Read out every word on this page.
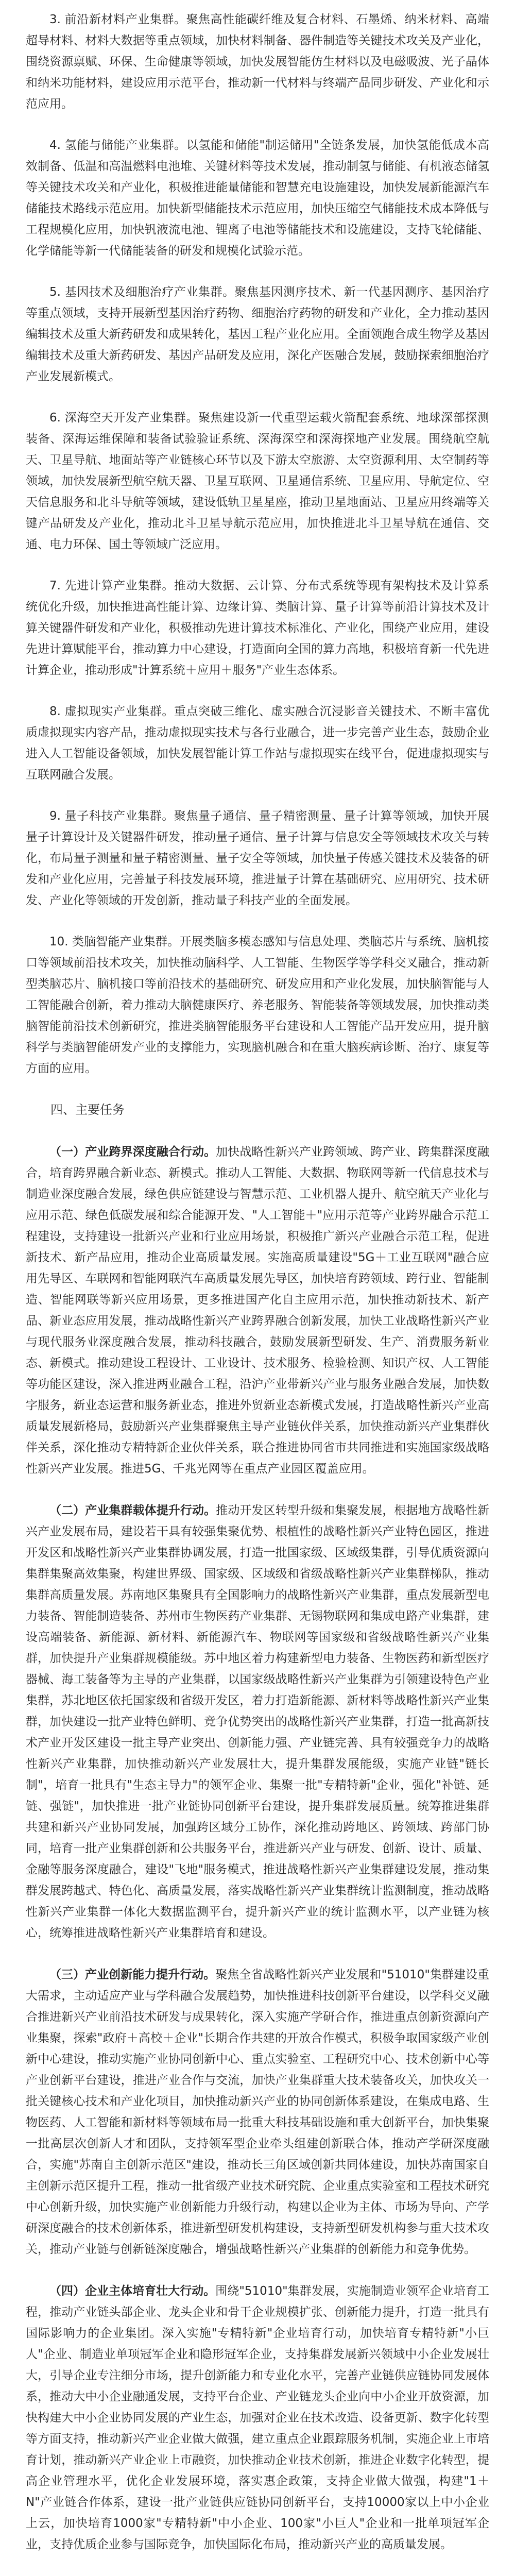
3. 前沿新材料产业集群。聚焦高性能碳纤维及复合材料、石墨烯、纳米材料、高端超导材料、材料大数据等重点领域，加快材料制备、器件制造等关键技术攻关及产业化，围绕资源禀赋、环保、生命健康等领域，加快发展智能仿生材料以及电磁吸波、光子晶体和纳米功能材料，建设应用示范平台，推动新一代材料与终端产品同步研发、产业化和示范应用。

4. 氢能与储能产业集群。以氢能和储能"制运储用"全链条发展，加快氢能低成本高效制备、低温和高温燃料电池堆、关键材料等技术发展，推动制氢与储能、有机液态储氢等关键技术攻关和产业化，积极推进能量储能和智慧充电设施建设，加快发展新能源汽车储能技术路线示范应用。加快新型储能技术示范应用，加快压缩空气储能技术成本降低与工程规模化应用，加快钒液流电池、锂离子电池等储能技术和设施建设，支持飞轮储能、化学储能等新一代储能装备的研发和规模化试验示范。

5. 基因技术及细胞治疗产业集群。聚焦基因测序技术、新一代基因测序、基因治疗等重点领域，支持开展新型基因治疗药物、细胞治疗药物的研发和产业化，全力推动基因编辑技术及重大新药研发和成果转化，基因工程产业化应用。全面领跑合成生物学及基因编辑技术及重大新药研发、基因产品研发及应用，深化产医融合发展，鼓励探索细胞治疗产业发展新模式。

6. 深海空天开发产业集群。聚焦建设新一代重型运载火箭配套系统、地球深部探测装备、深海运维保障和装备试验验证系统、深海深空和深海探地产业发展。围绕航空航天、卫星导航、地面站等产业链核心环节以及下游太空旅游、太空资源利用、太空制药等领域，加快发展新型航空航天器、卫星互联网、卫星通信系统、卫星应用、导航定位、空天信息服务和北斗导航等领域，建设低轨卫星星座，推动卫星地面站、卫星应用终端等关键产品研发及产业化，推动北斗卫星导航示范应用，加快推进北斗卫星导航在通信、交通、电力环保、国土等领域广泛应用。

7. 先进计算产业集群。推动大数据、云计算、分布式系统等现有架构技术及计算系统优化升级，加快推进高性能计算、边缘计算、类脑计算、量子计算等前沿计算技术及计算关键器件研发和产业化，积极推动先进计算技术标准化、产业化，围绕产业应用，建设先进计算赋能平台，推动算力中心建设，打造面向全国的算力高地，积极培育新一代先进计算企业，推动形成"计算系统＋应用＋服务"产业生态体系。

8. 虚拟现实产业集群。重点突破三维化、虚实融合沉浸影音关键技术、不断丰富优质虚拟现实内容产品，推动虚拟现实技术与各行业融合，进一步完善产业生态，鼓励企业进入人工智能设备领域，加快发展智能计算工作站与虚拟现实在线平台，促进虚拟现实与互联网融合发展。

9. 量子科技产业集群。聚焦量子通信、量子精密测量、量子计算等领域，加快开展量子计算设计及关键器件研发，推动量子通信、量子计算与信息安全等领域技术攻关与转化，布局量子测量和量子精密测量、量子安全等领域，加快量子传感关键技术及装备的研发和产业化应用，完善量子科技发展环境，推进量子计算在基础研究、应用研究、技术研发、产业化等领域的开发创新，推动量子科技产业的全面发展。

10. 类脑智能产业集群。开展类脑多模态感知与信息处理、类脑芯片与系统、脑机接口等领域前沿技术攻关，加快推动脑科学、人工智能、生物医学等学科交叉融合，推动新型类脑芯片、脑机接口等前沿技术的基础研究、研发应用和产业化发展，加快脑智能与人工智能融合创新，着力推动大脑健康医疗、养老服务、智能装备等领域发展，加快推动类脑智能前沿技术创新研究，推进类脑智能服务平台建设和人工智能产品开发应用，提升脑科学与类脑智能研发产业的支撑能力，实现脑机融合和在重大脑疾病诊断、治疗、康复等方面的应用。

四、主要任务

（一）产业跨界深度融合行动。加快战略性新兴产业跨领域、跨产业、跨集群深度融合，培育跨界融合新业态、新模式。推动人工智能、大数据、物联网等新一代信息技术与制造业深度融合发展，绿色供应链建设与智慧示范、工业机器人提升、航空航天产业化与应用示范、绿色低碳发展和综合能源开发、"人工智能＋"应用示范等产业跨界融合示范工程建设，支持建设一批新兴产业和行业应用场景，积极推广新兴产业融合示范工程，促进新技术、新产品应用，推动企业高质量发展。实施高质量建设"5G＋工业互联网"融合应用先导区、车联网和智能网联汽车高质量发展先导区，加快培育跨领域、跨行业、智能制造、智能网联等新兴应用场景，更多推进国产化自主应用示范，加快推动新技术、新产品、新业态应用发展，推动战略性新兴产业跨界融合创新发展，加快工业战略性新兴产业与现代服务业深度融合发展，推动科技融合，鼓励发展新型研发、生产、消费服务新业态、新模式。推动建设工程设计、工业设计、技术服务、检验检测、知识产权、人工智能等功能区建设，深入推进两业融合工程，沿沪产业带新兴产业与服务业融合发展，加快数字服务，新业态运营和服务新业态，推进外贸新业态新模式发展，打造战略性新兴产业高质量发展新格局，鼓励新兴产业集群聚焦主导产业链伙伴关系，加快推动新兴产业集群伙伴关系，深化推动专精特新企业伙伴关系，联合推进协同省市共同推进和实施国家级战略性新兴产业发展。推进5G、千兆光网等在重点产业园区覆盖应用。

（二）产业集群载体提升行动。推动开发区转型升级和集聚发展，根据地方战略性新兴产业发展布局，建设若干具有较强集聚优势、根植性的战略性新兴产业特色园区，推进开发区和战略性新兴产业集群协调发展，打造一批国家级、区域级集群，引导优质资源向集群集聚高效集聚，构建世界级、国家级、区域级和省级战略性新兴产业集群梯队，推动集群高质量发展。苏南地区集聚具有全国影响力的战略性新兴产业集群，重点发展新型电力装备、智能制造装备、苏州市生物医药产业集群、无锡物联网和集成电路产业集群，建设高端装备、新能源、新材料、新能源汽车、物联网等国家级和省级战略性新兴产业集群，加快提升产业集群规模能级。苏中地区着力构建新型电力装备、生物医药和新型医疗器械、海工装备等为主导的产业集群，以国家级战略性新兴产业集群为引领建设特色产业集群，苏北地区依托国家级和省级开发区，着力打造新能源、新材料等战略性新兴产业集群，加快建设一批产业特色鲜明、竞争优势突出的战略性新兴产业集群，打造一批高新技术产业开发区建设一批主导产业突出、创新能力强、产业链完善、具有较强竞争力的战略性新兴产业集群，加快推动新兴产业发展壮大，提升集群发展能级，实施产业链"链长制"，培育一批具有"生态主导力"的领军企业、集聚一批"专精特新"企业，强化"补链、延链、强链"，加快推进一批产业链协同创新平台建设，提升集群发展质量。统筹推进集群共建和新兴产业协同发展，加强跨区域分工协作，深化推动跨地区、跨领域、跨部门协同，培育一批产业集群创新和公共服务平台，推进新兴产业与研发、创新、设计、质量、金融等服务深度融合，建设"飞地"服务模式，推进战略性新兴产业集群建设发展，推动集群发展跨越式、特色化、高质量发展，落实战略性新兴产业集群统计监测制度，推动战略性新兴产业集群一体化大数据监测平台，提升新兴产业的统计监测水平，以产业链为核心，统筹推进战略性新兴产业集群培育和建设。

（三）产业创新能力提升行动。聚焦全省战略性新兴产业发展和"51010"集群建设重大需求，主动适应产业与学科融合发展趋势，加快推进科技创新平台建设，以学科交叉融合推进新兴产业前沿技术研发与成果转化，深入实施产学研合作，推进重点创新资源向产业集聚，探索"政府＋高校＋企业"长期合作共建的开放合作模式，积极争取国家级产业创新中心建设，推动实施产业协同创新中心、重点实验室、工程研究中心、技术创新中心等产业创新平台建设，推进产业合作与交流，加快产业集群重大技术装备攻关，加快攻关一批关键核心技术和产业化项目，加快推动新兴产业的协同创新体系建设，在集成电路、生物医药、人工智能和新材料等领域布局一批重大科技基础设施和重大创新平台，加快集聚一批高层次创新人才和团队，支持领军型企业牵头组建创新联合体，推动产学研深度融合，实施"苏南自主创新示范区"建设，推动长三角区域创新共同体建设，加快苏南国家自主创新示范区提升工程，推动一批省级产业技术研究院、企业重点实验室和工程技术研究中心创新升级，加快实施产业创新能力升级行动，构建以企业为主体、市场为导向、产学研深度融合的技术创新体系，推进新型研发机构建设，支持新型研发机构参与重大技术攻关，推动产业链与创新链深度融合，增强战略性新兴产业集群的创新能力和竞争优势。

（四）企业主体培育壮大行动。围绕"51010"集群发展，实施制造业领军企业培育工程，推动产业链头部企业、龙头企业和骨干企业规模扩张、创新能力提升，打造一批具有国际影响力的企业集团。深入实施"专精特新"企业培育行动，加快培育专精特新"小巨人"企业、制造业单项冠军企业和隐形冠军企业，支持集群发展新兴领域中小企业发展壮大，引导企业专注细分市场，提升创新能力和专业化水平，完善产业链供应链协同发展体系，推动大中小企业融通发展，支持平台企业、产业链龙头企业向中小企业开放资源，加快构建大中小企业协同发展的产业生态，加强对企业在技术改造、设备更新、数字化转型等方面支持，推动新兴产业企业做大做强，建立重点企业跟踪服务机制，实施企业上市培育计划，推动新兴产业企业上市融资，加快推动企业技术创新，推进企业数字化转型，提高企业管理水平，优化企业发展环境，落实惠企政策，支持企业做大做强，构建"1＋N"产业链合作体系，建设一批产业链供应链协同创新平台，支持10000家以上中小企业上云，加快培育1000家"专精特新"中小企业、100家"小巨人"企业和一批单项冠军企业，支持优质企业参与国际竞争，加快国际化布局，推动新兴产业的高质量发展。
